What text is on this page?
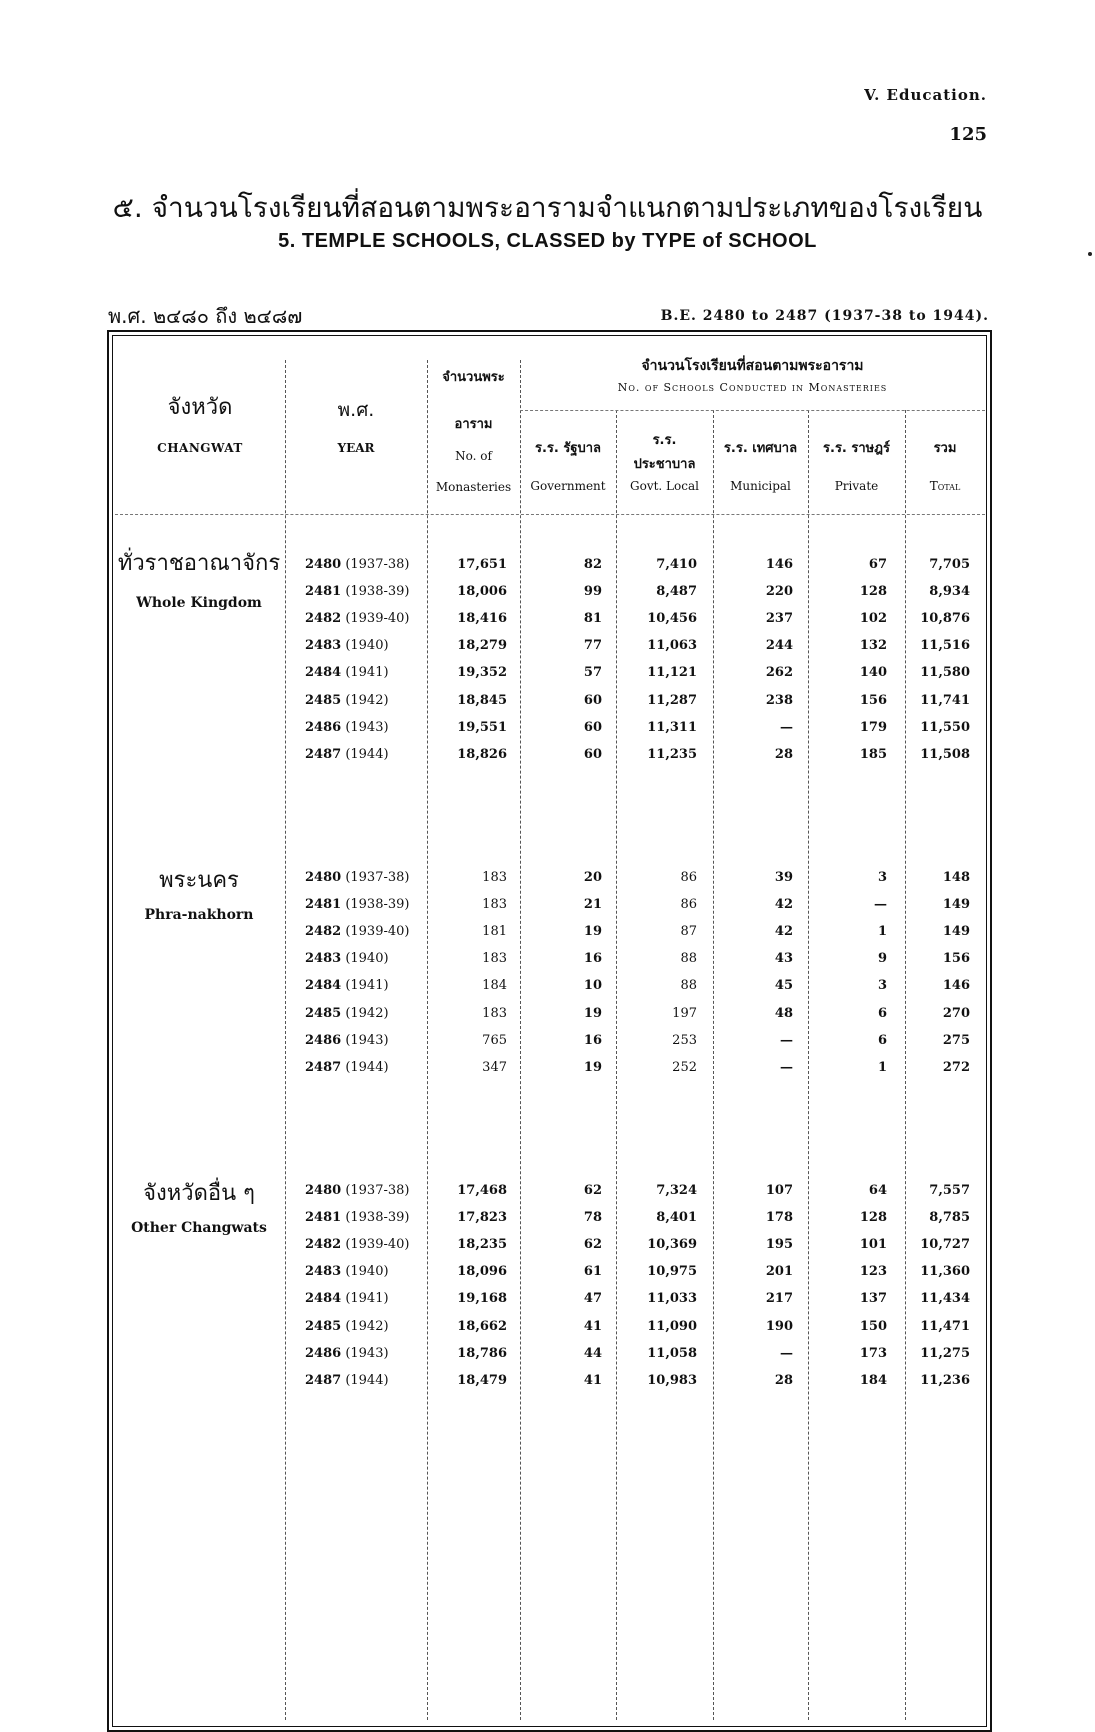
V. Education.
125
๕. จำนวนโรงเรียนที่สอนตามพระอารามจำแนกตามประเภทของโรงเรียน
5. TEMPLE SCHOOLS, CLASSED by TYPE of SCHOOL
พ.ศ. ๒๔๘๐ ถึง ๒๔๘๗	B.E. 2480 to 2487 (1937-38 to 1944).
จังหวัด
CHANGWAT
พ.ศ.
YEAR
จำนวนพระ
อาราม
No. of
Monasteries
จำนวนโรงเรียนที่สอนตามพระอาราม
No. of Schools Conducted in Monasteries
ร.ร. รัฐบาล
Government
ร.ร.
ประชาบาล
Govt. Local
ร.ร. เทศบาล
Municipal
ร.ร. ราษฎร์
Private
รวม
Total
ทั่วราชอาณาจักร
Whole Kingdom
พระนคร
Phra-nakhorn
จังหวัดอื่น ๆ
Other Changwats
2480 (1937-38)	17,651	82	7,410	146	67	7,705
2481 (1938-39)	18,006	99	8,487	220	128	8,934
2482 (1939-40)	18,416	81	10,456	237	102	10,876
2483 (1940)	18,279	77	11,063	244	132	11,516
2484 (1941)	19,352	57	11,121	262	140	11,580
2485 (1942)	18,845	60	11,287	238	156	11,741
2486 (1943)	19,551	60	11,311	—	179	11,550
2487 (1944)	18,826	60	11,235	28	185	11,508
2480 (1937-38)	183	20	86	39	3	148
2481 (1938-39)	183	21	86	42	—	149
2482 (1939-40)	181	19	87	42	1	149
2483 (1940)	183	16	88	43	9	156
2484 (1941)	184	10	88	45	3	146
2485 (1942)	183	19	197	48	6	270
2486 (1943)	765	16	253	—	6	275
2487 (1944)	347	19	252	—	1	272
2480 (1937-38)	17,468	62	7,324	107	64	7,557
2481 (1938-39)	17,823	78	8,401	178	128	8,785
2482 (1939-40)	18,235	62	10,369	195	101	10,727
2483 (1940)	18,096	61	10,975	201	123	11,360
2484 (1941)	19,168	47	11,033	217	137	11,434
2485 (1942)	18,662	41	11,090	190	150	11,471
2486 (1943)	18,786	44	11,058	—	173	11,275
2487 (1944)	18,479	41	10,983	28	184	11,236
